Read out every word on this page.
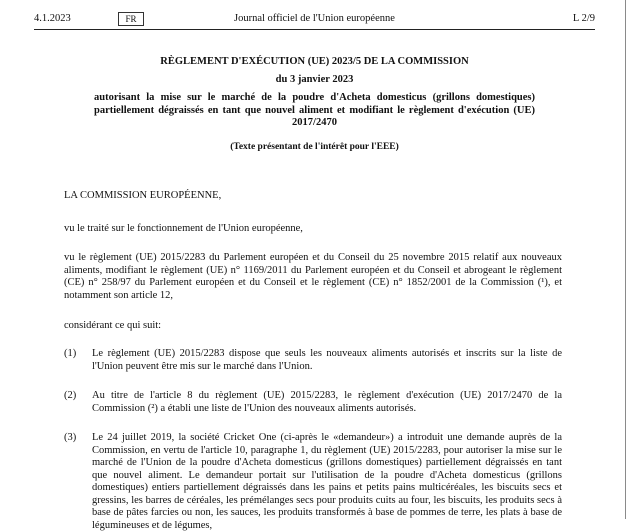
4.1.2023	FR	Journal officiel de l'Union européenne	L 2/9
RÈGLEMENT D'EXÉCUTION (UE) 2023/5 DE LA COMMISSION
du 3 janvier 2023
autorisant la mise sur le marché de la poudre d'Acheta domesticus (grillons domestiques) partiellement dégraissés en tant que nouvel aliment et modifiant le règlement d'exécution (UE) 2017/2470
(Texte présentant de l'intérêt pour l'EEE)
LA COMMISSION EUROPÉENNE,
vu le traité sur le fonctionnement de l'Union européenne,
vu le règlement (UE) 2015/2283 du Parlement européen et du Conseil du 25 novembre 2015 relatif aux nouveaux aliments, modifiant le règlement (UE) n° 1169/2011 du Parlement européen et du Conseil et abrogeant le règlement (CE) n° 258/97 du Parlement européen et du Conseil et le règlement (CE) n° 1852/2001 de la Commission (¹), et notamment son article 12,
considérant ce qui suit:
(1)	Le règlement (UE) 2015/2283 dispose que seuls les nouveaux aliments autorisés et inscrits sur la liste de l'Union peuvent être mis sur le marché dans l'Union.
(2)	Au titre de l'article 8 du règlement (UE) 2015/2283, le règlement d'exécution (UE) 2017/2470 de la Commission (²) a établi une liste de l'Union des nouveaux aliments autorisés.
(3)	Le 24 juillet 2019, la société Cricket One (ci-après le «demandeur») a introduit une demande auprès de la Commission, en vertu de l'article 10, paragraphe 1, du règlement (UE) 2015/2283, pour autoriser la mise sur le marché de l'Union de la poudre d'Acheta domesticus (grillons domestiques) partiellement dégraissés en tant que nouvel aliment. Le demandeur portait sur l'utilisation de la poudre d'Acheta domesticus (grillons domestiques) entiers partiellement dégraissés dans les pains et petits pains multicéréales, les biscuits secs et gressins, les barres de céréales, les prémélanges secs pour produits cuits au four, les biscuits, les produits secs à base de pâtes farcies ou non, les sauces, les produits transformés à base de pommes de terre, les plats à base de légumineuses et de légumes,
